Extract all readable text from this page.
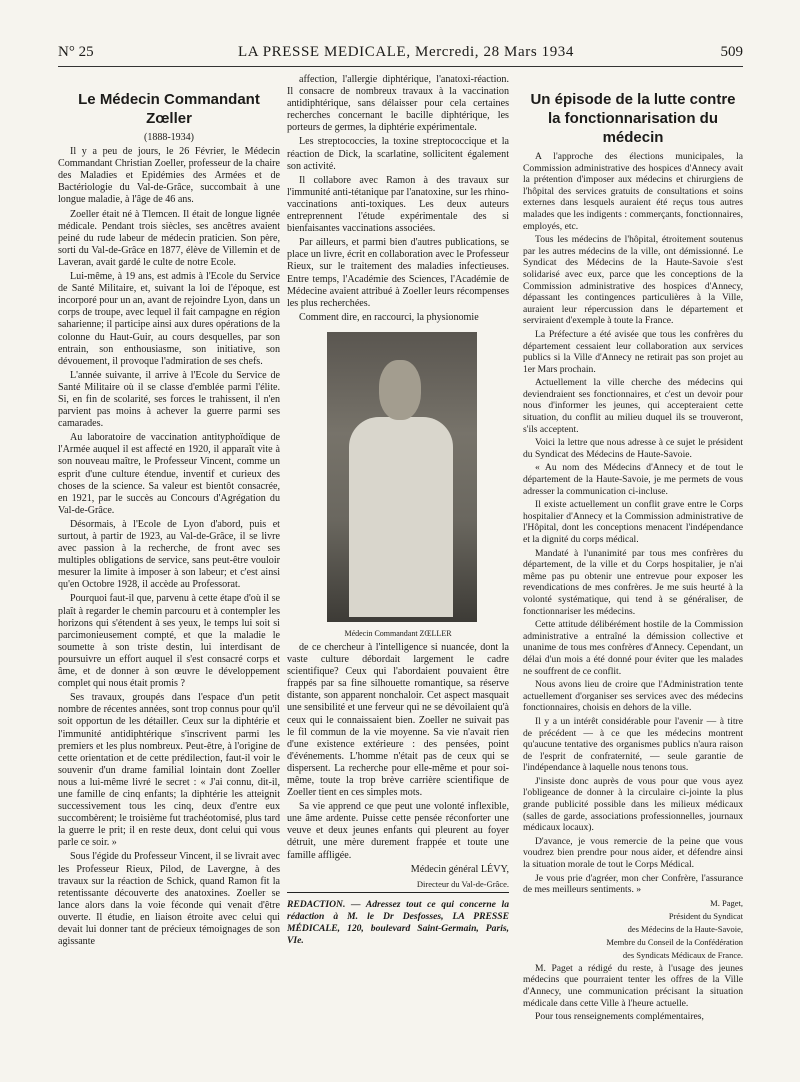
N° 25	LA PRESSE MEDICALE, Mercredi, 28 Mars 1934	509
Le Médecin Commandant Zœller

(1888-1934)

Il y a peu de jours, le 26 Février, le Médecin Commandant Christian Zoeller, professeur de la chaire des Maladies et Epidémies des Armées et de Bactériologie du Val-de-Grâce, succombait à une longue maladie, à l'âge de 46 ans.

Zoeller était né à Tlemcen. Il était de longue lignée médicale. Pendant trois siècles, ses ancêtres avaient peiné du rude labeur de médecin praticien. Son père, sorti du Val-de-Grâce en 1877, élève de Villemin et de Laveran, avait gardé le culte de notre Ecole.

Lui-même, à 19 ans, est admis à l'Ecole du Service de Santé Militaire, et, suivant la loi de l'époque, est incorporé pour un an, avant de rejoindre Lyon, dans un corps de troupe, avec lequel il fait campagne en région saharienne; il participe ainsi aux dures opérations de la colonne du Haut-Guir, au cours desquelles, par son entrain, son enthousiasme, son initiative, son dévouement, il provoque l'admiration de ses chefs.

L'année suivante, il arrive à l'Ecole du Service de Santé Militaire où il se classe d'emblée parmi l'élite. Si, en fin de scolarité, ses forces le trahissent, il n'en parvient pas moins à achever la guerre parmi ses camarades.

Au laboratoire de vaccination antityphoïdique de l'Armée auquel il est affecté en 1920, il apparaît vite à son nouveau maître, le Professeur Vincent, comme un esprit d'une culture étendue, inventif et curieux des choses de la science. Sa valeur est bientôt consacrée, en 1921, par le succès au Concours d'Agrégation du Val-de-Grâce.

Désormais, à l'Ecole de Lyon d'abord, puis et surtout, à partir de 1923, au Val-de-Grâce, il se livre avec passion à la recherche, de front avec ses multiples obligations de service, sans peut-être vouloir mesurer la limite à imposer à son labeur; et c'est ainsi qu'en Octobre 1928, il accède au Professorat.

Pourquoi faut-il que, parvenu à cette étape d'où il se plaît à regarder le chemin parcouru et à contempler les horizons qui s'étendent à ses yeux, le temps lui soit si parcimonieusement compté, et que la maladie le soumette à son triste destin, lui interdisant de poursuivre un effort auquel il s'est consacré corps et âme, et de donner à son œuvre le développement complet qui nous était promis ?

Ses travaux, groupés dans l'espace d'un petit nombre de récentes années, sont trop connus pour qu'il soit opportun de les détailler. Ceux sur la diphtérie et l'immunité antidiphtérique s'inscrivent parmi les premiers et les plus nombreux. Peut-être, à l'origine de cette orientation et de cette prédilection, faut-il voir le souvenir d'un drame familial lointain dont Zoeller nous a lui-même livré le secret : « J'ai connu, dit-il, une famille de cinq enfants; la diphtérie les atteignit successivement tous les cinq, deux d'entre eux succombèrent; le troisième fut trachéotomisé, plus tard la guerre le prit; il en reste deux, dont celui qui vous parle ce soir. »

Sous l'égide du Professeur Vincent, il se livrait avec les Professeur Rieux, Pilod, de Lavergne, à des travaux sur la réaction de Schick, quand Ramon fit la retentissante découverte des anatoxines. Zoeller se lance alors dans la voie féconde qui venait d'être ouverte. Il étudie, en liaison étroite avec celui qui devait lui donner tant de précieux témoignages de son agissante

affection, l'allergie diphtérique, l'anatoxi-réaction. Il consacre de nombreux travaux à la vaccination antidiphtérique, sans délaisser pour cela certaines recherches concernant le bacille diphtérique, les porteurs de germes, la diphtérie expérimentale.

Les streptococcies, la toxine streptococcique et la réaction de Dick, la scarlatine, sollicitent également son activité.

Il collabore avec Ramon à des travaux sur l'immunité anti-tétanique par l'anatoxine, sur les rhino-vaccinations anti-toxiques. Les deux auteurs entreprennent l'étude expérimentale des si bienfaisantes vaccinations associées.

Par ailleurs, et parmi bien d'autres publications, se place un livre, écrit en collaboration avec le Professeur Rieux, sur le traitement des maladies infectieuses. Entre temps, l'Académie des Sciences, l'Académie de Médecine avaient attribué à Zoeller leurs récompenses les plus recherchées.

Comment dire, en raccourci, la physionomie

Médecin Commandant ZŒLLER

de ce chercheur à l'intelligence si nuancée, dont la vaste culture débordait largement le cadre scientifique? Ceux qui l'abordaient pouvaient être frappés par sa fine silhouette romantique, sa réserve distante, son apparent nonchaloir. Cet aspect masquait une sensibilité et une ferveur qui ne se dévoilaient qu'à ceux qui le connaissaient bien. Zoeller ne suivait pas le fil commun de la vie moyenne. Sa vie n'avait rien d'une existence extérieure : des pensées, point d'événements. L'homme n'était pas de ceux qui se dispersent. La recherche pour elle-même et pour soi-même, toute la trop brève carrière scientifique de Zoeller tient en ces simples mots.

Sa vie apprend ce que peut une volonté inflexible, une âme ardente. Puisse cette pensée réconforter une veuve et deux jeunes enfants qui pleurent au foyer détruit, une mère durement frappée et toute une famille affligée.

Médecin général LÉVY,

Directeur du Val-de-Grâce.

REDACTION. — Adressez tout ce qui concerne la rédaction à M. le Dr Desfosses, LA PRESSE MÉDICALE, 120, boulevard Saint-Germain, Paris, VIe.

Un épisode de la lutte contre la fonctionnarisation du médecin

A l'approche des élections municipales, la Commission administrative des hospices d'Annecy avait la prétention d'imposer aux médecins et chirurgiens de l'hôpital des services gratuits de consultations et soins externes dans lesquels auraient été reçus tous autres malades que les indigents : commerçants, fonctionnaires, employés, etc.

Tous les médecins de l'hôpital, étroitement soutenus par les autres médecins de la ville, ont démissionné. Le Syndicat des Médecins de la Haute-Savoie s'est solidarisé avec eux, parce que les conceptions de la Commission administrative des hospices d'Annecy, dépassant les contingences particulières à la Ville, auraient leur répercussion dans le département et serviraient d'exemple à toute la France.

La Préfecture a été avisée que tous les confrères du département cessaient leur collaboration aux services publics si la Ville d'Annecy ne retirait pas son projet au 1er Mars prochain.

Actuellement la ville cherche des médecins qui deviendraient ses fonctionnaires, et c'est un devoir pour nous d'informer les jeunes, qui accepteraient cette situation, du conflit au milieu duquel ils se trouveront, s'ils acceptent.

Voici la lettre que nous adresse à ce sujet le président du Syndicat des Médecins de Haute-Savoie.

« Au nom des Médecins d'Annecy et de tout le département de la Haute-Savoie, je me permets de vous adresser la communication ci-incluse.

Il existe actuellement un conflit grave entre le Corps hospitalier d'Annecy et la Commission administrative de l'Hôpital, dont les conceptions menacent l'indépendance et la dignité du corps médical.

Mandaté à l'unanimité par tous mes confrères du département, de la ville et du Corps hospitalier, je n'ai même pas pu obtenir une entrevue pour exposer les revendications de mes confrères. Je me suis heurté à la volonté systématique, qui tend à se généraliser, de fonctionnariser les médecins.

Cette attitude délibérément hostile de la Commission administrative a entraîné la démission collective et unanime de tous mes confrères d'Annecy. Cependant, un délai d'un mois a été donné pour éviter que les malades ne souffrent de ce conflit.

Nous avons lieu de croire que l'Administration tente actuellement d'organiser ses services avec des médecins fonctionnaires, choisis en dehors de la ville.

Il y a un intérêt considérable pour l'avenir — à titre de précédent — à ce que les médecins montrent qu'aucune tentative des organismes publics n'aura raison de l'esprit de confraternité, — seule garantie de l'indépendance à laquelle nous tenons tous.

J'insiste donc auprès de vous pour que vous ayez l'obligeance de donner à la circulaire ci-jointe la plus grande publicité possible dans les milieux médicaux (salles de garde, associations professionnelles, journaux médicaux locaux).

D'avance, je vous remercie de la peine que vous voudrez bien prendre pour nous aider, et défendre ainsi la situation morale de tout le Corps Médical.

Je vous prie d'agréer, mon cher Confrère, l'assurance de mes meilleurs sentiments. »

M. Paget,

Président du Syndicat

des Médecins de la Haute-Savoie,

Membre du Conseil de la Confédération

des Syndicats Médicaux de France.

M. Paget a rédigé du reste, à l'usage des jeunes médecins que pourraient tenter les offres de la Ville d'Annecy, une communication précisant la situation médicale dans cette Ville à l'heure actuelle.

Pour tous renseignements complémentaires,
